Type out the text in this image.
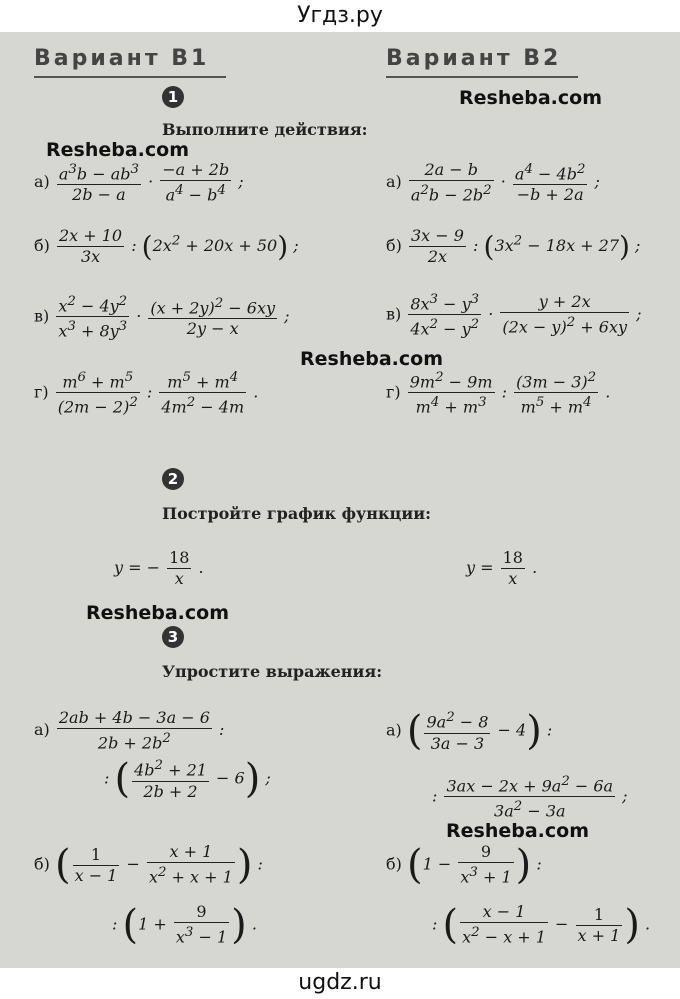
Угдз.ру
Вариант В1	Вариант В2
1	Resheba.com
Выполните действия:
Resheba.com
$а) \frac{a^3b - ab^3}{2b - a} \cdot \frac{-a + 2b}{a^4 - b^4}$ ;	$а) \frac{2a - b}{a^2b - 2b^2} \cdot \frac{a^4 - 4b^2}{-b + 2a}$ ;
$б) \frac{2x + 10}{3x}$ : $(2x^2 + 20x + 50)$ ;	$б) \frac{3x - 9}{2x}$ : $(3x^2 - 18x + 27)$ ;
$в) \frac{x^2 - 4y^2}{x^3 + 8y^3} \cdot \frac{(x + 2y)^2 - 6xy}{2y - x}$ ;	$в) \frac{8x^3 - y^3}{4x^2 - y^2} \cdot \frac{y + 2x}{(2x - y)^2 + 6xy}$ ;
Resheba.com
$г) \frac{m^6 + m^5}{(2m - 2)^2}$ : $\frac{m^5 + m^4}{4m^2 - 4m}$ .	$г) \frac{9m^2 - 9m}{m^4 + m^3}$ : $\frac{(3m - 3)^2}{m^5 + m^4}$ .
2
Постройте график функции:
y = − $\frac{18}{x}$ .	$y = \frac{18}{x}$ .
Resheba.com
3
Упростите выражения:
$а) \frac{2ab + 4b - 3a - 6}{2b + 2b^2}$ :
: ( $\frac{4b^2 + 21}{2b + 2} - 6$) ;
а) ( $\frac{9a^2 - 8}{3a - 3} - 4$) :
: $\frac{3ax - 2x + 9a^2 - 6a}{3a^2 - 3a}$ ;
Resheba.com
б) ( $\frac{1}{x - 1} - \frac{x + 1}{x^2 + x + 1}$ ) :
: ($1 + \frac{9}{x^3 - 1}$ ) .
б) ($1 - \frac{9}{x^3 + 1}$ ) :
: ( $\frac{x - 1}{x^2 - x + 1} - \frac{1}{x + 1}$ ) .
ugdz.ru
